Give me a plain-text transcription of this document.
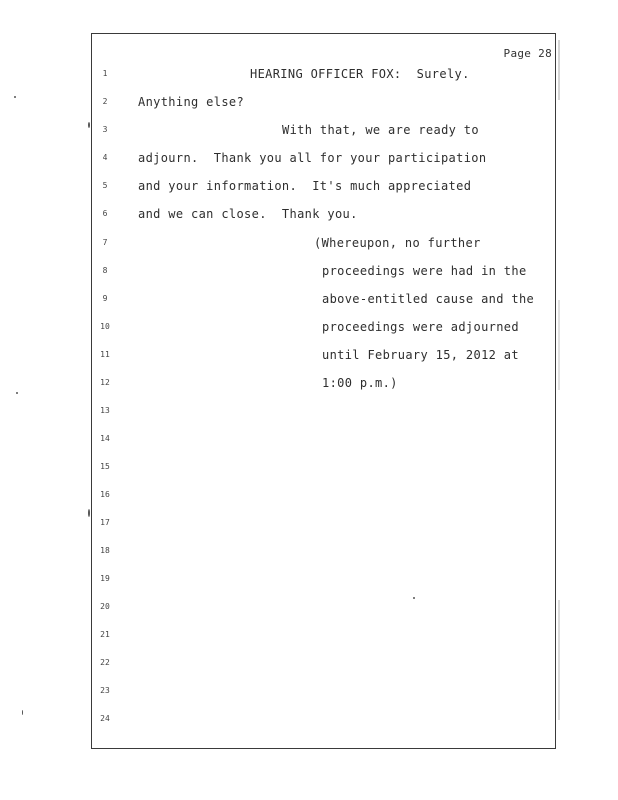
Page 28
1
2
3
4
5
6
7
8
9
10
11
12
13
14
15
16
17
18
19
20
21
22
23
24
HEARING OFFICER FOX:  Surely.
Anything else?
With that, we are ready to
adjourn.  Thank you all for your participation
and your information.  It's much appreciated
and we can close.  Thank you.
(Whereupon, no further
proceedings were had in the
above-entitled cause and the
proceedings were adjourned
until February 15, 2012 at
1:00 p.m.)
